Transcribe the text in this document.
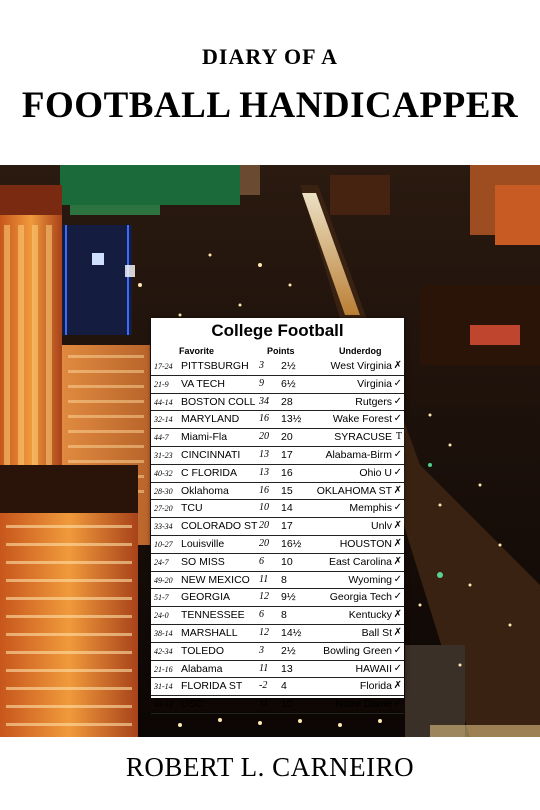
DIARY OF A
FOOTBALL HANDICAPPER
College Football
Favorite	Points	Underdog
17-24 PITTSBURGH 3 2½	West Virginia ✗
21-9 VA TECH	9 6½	Virginia ✓
44-14 BOSTON COLL 34 28	Rutgers ✓
32-14 MARYLAND 16 13½	Wake Forest ✓
44-7 Miami-Fla	20 20	SYRACUSE T
31-23 CINCINNATI 13 17	Alabama-Birm ✓
40-32 C FLORIDA 13 16	Ohio U ✓
28-30 Oklahoma	16 15 OKLAHOMA ST ✗
27-20 TCU	10 14	Memphis ✓
33-34 COLORADO ST 20 17	Unlv ✗
10-27 Louisville	20 16½	HOUSTON ✗
24-7 SO MISS	6 10	East Carolina ✗
49-20 NEW MEXICO 11 8	Wyoming ✓
51-7 GEORGIA	12 9½	Georgia Tech ✓
24-0 TENNESSEE 6 8	Kentucky ✗
38-14 MARSHALL 12 14½	Ball St ✗
42-34 TOLEDO	3 2½	Bowling Green ✓
21-16 Alabama	11 13	HAWAII ✓
31-14 FLORIDA ST -2 4	Florida ✗
44-13 USC	11 10	Notre Dame ✓
ROBERT L. CARNEIRO
